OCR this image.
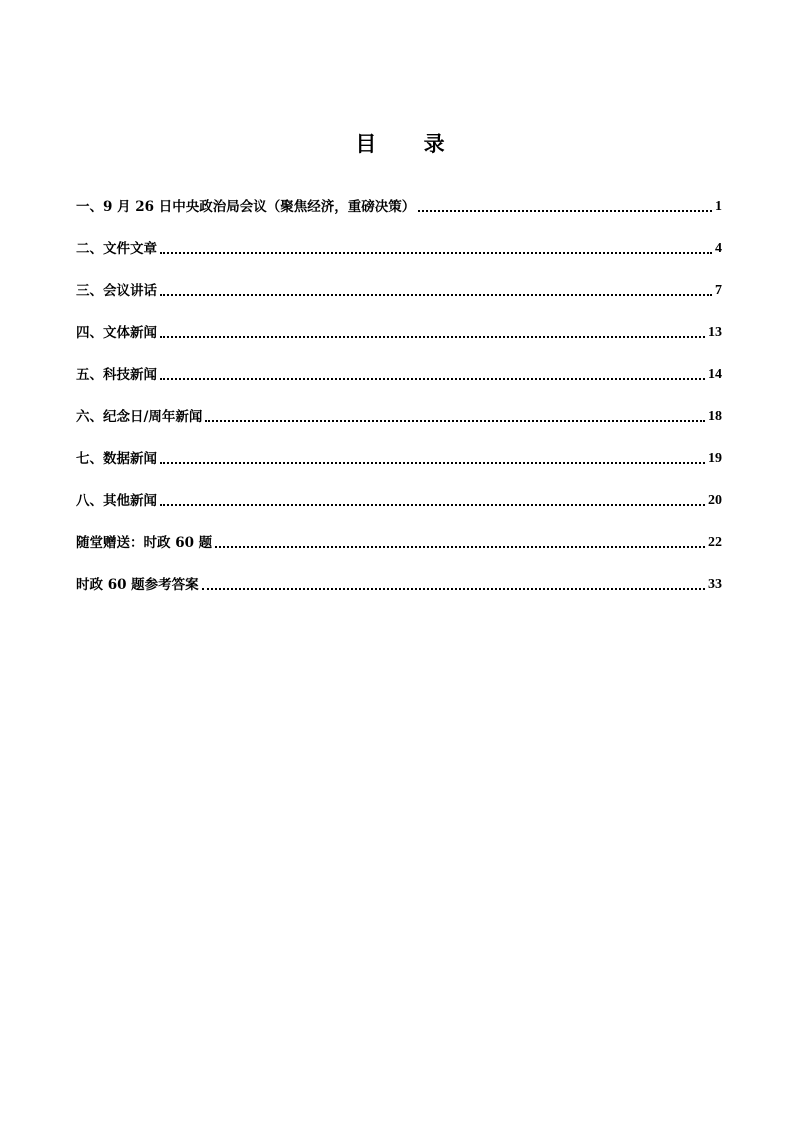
目 录
一、9 月 26 日中央政治局会议（聚焦经济，重磅决策）	1
二、文件文章	4
三、会议讲话	7
四、文体新闻	13
五、科技新闻	14
六、纪念日/周年新闻	18
七、数据新闻	19
八、其他新闻	20
随堂赠送：时政 60 题	22
时政 60 题参考答案	33
